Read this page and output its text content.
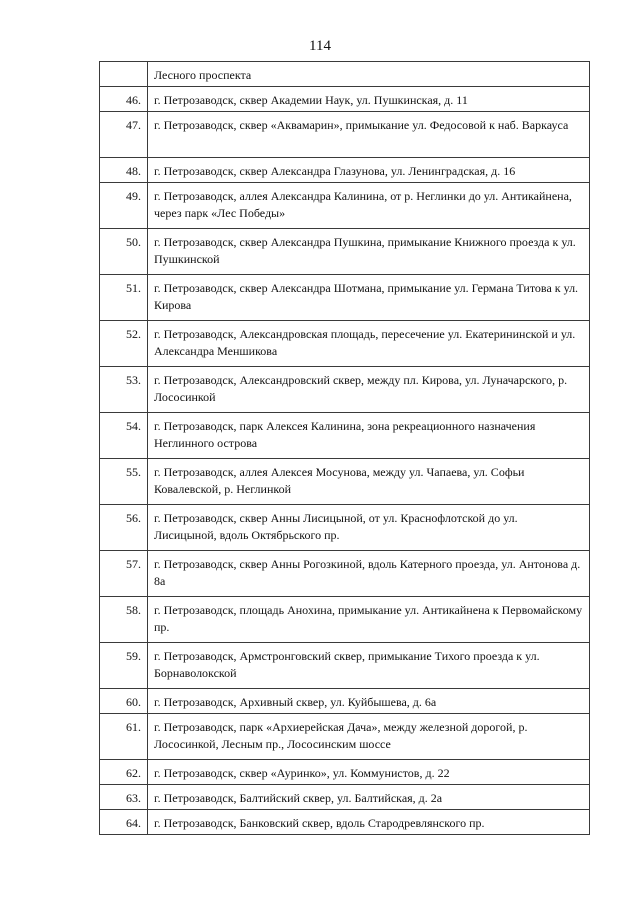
114
	Лесного проспекта
46.	г. Петрозаводск, сквер Академии Наук, ул. Пушкинская, д. 11
47.	г. Петрозаводск, сквер «Аквамарин», примыкание ул. Федосовой к наб. Варкауса
48.	г. Петрозаводск, сквер Александра Глазунова, ул. Ленинградская, д. 16
49.	г. Петрозаводск, аллея Александра Калинина, от р. Неглинки до ул. Антикайнена, через парк «Лес Победы»
50.	г. Петрозаводск, сквер Александра Пушкина, примыкание Книжного проезда к ул. Пушкинской
51.	г. Петрозаводск, сквер Александра Шотмана, примыкание ул. Германа Титова к ул. Кирова
52.	г. Петрозаводск, Александровская площадь, пересечение ул. Екатерининской и ул. Александра Меншикова
53.	г. Петрозаводск, Александровский сквер, между пл. Кирова, ул. Луначарского, р. Лососинкой
54.	г. Петрозаводск, парк Алексея Калинина, зона рекреационного назначения Неглинного острова
55.	г. Петрозаводск, аллея Алексея Мосунова, между ул. Чапаева, ул. Софьи Ковалевской, р. Неглинкой
56.	г. Петрозаводск, сквер Анны Лисицыной, от ул. Краснофлотской до ул. Лисицыной, вдоль Октябрьского пр.
57.	г. Петрозаводск, сквер Анны Рогозкиной, вдоль Катерного проезда, ул. Антонова д. 8а
58.	г. Петрозаводск, площадь Анохина, примыкание ул. Антикайнена к Первомайскому пр.
59.	г. Петрозаводск, Армстронговский сквер, примыкание Тихого проезда к ул. Борнаволокской
60.	г. Петрозаводск, Архивный сквер, ул. Куйбышева, д. 6а
61.	г. Петрозаводск, парк «Архиерейская Дача», между железной дорогой, р. Лососинкой, Лесным пр., Лососинским шоссе
62.	г. Петрозаводск, сквер «Ауринко», ул. Коммунистов, д. 22
63.	г. Петрозаводск, Балтийский сквер, ул. Балтийская, д. 2а
64.	г. Петрозаводск, Банковский сквер, вдоль Стародревлянского пр.
